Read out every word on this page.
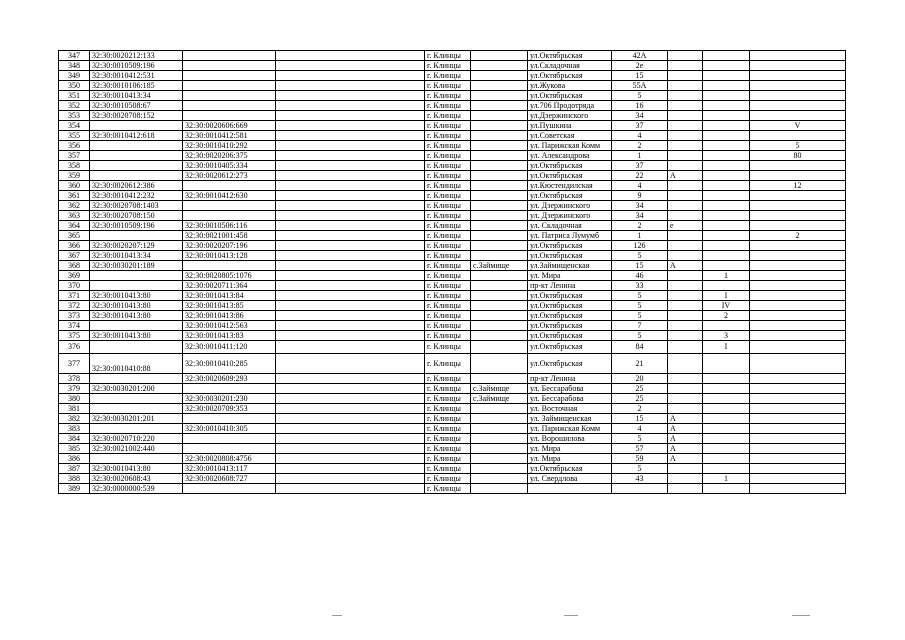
347	32:30:0020212:133			г. Клинцы		ул.Октябрьская	42А			
348	32:30:0010509:196			г. Клинцы		ул.Складочная	2е			
349	32:30:0010412:531			г. Клинцы		ул.Октябрьская	15			
350	32:30:0010106:185			г. Клинцы		ул.Жукова	55А			
351	32:30:0010413:34			г. Клинцы		ул.Октябрьская	5			
352	32:30:0010508:67			г. Клинцы		ул.706 Продотряда	16			
353	32:30:0020708:152			г. Клинцы		ул.Дзержинского	34			
354		32:30:0020606:669		г. Клинцы		ул.Пушкина	37			V
355	32:30:0010412:618	32:30:0010412:581		г. Клинцы		ул.Советская	4			
356		32:30:0010410:292		г. Клинцы		ул. Парижская Комм	2			5
357		32:30:0020206:375		г. Клинцы		ул. Александрова	1			80
358		32:30:0010405:334		г. Клинцы		ул.Октябрьская	37			
359		32:30:0020612:273		г. Клинцы		ул.Октябрьская	22	А		
360	32:30:0020612:386			г. Клинцы		ул.Кюстендилская	4			12
361	32:30:0010412:232	32:30:0010412:630		г. Клинцы		ул.Октябрьская	9			
362	32:30:0020708:1403			г. Клинцы		ул. Дзержинского	34			
363	32:30:0020708:150			г. Клинцы		ул. Дзержинского	34			
364	32:30:0010509:196	32:30:0010506:116		г. Клинцы		ул. Складочная	2	е		
365		32:30:0021001:458		г. Клинцы		ул. Патриса Лумумб	1			2
366	32:30:0020207:129	32:30:0020207:196		г. Клинцы		ул.Октябрьская	126			
367	32:30:0010413:34	32:30:0010413:128		г. Клинцы		ул.Октябрьская	5			
368	32:30:0030201:189			г. Клинцы	с.Займище	ул.Займищенская	15	А		
369		32:30:0020805:1076		г. Клинцы		ул. Мира	46		1	
370		32:30:0020711:364		г. Клинцы		пр-кт Ленина	33			
371	32:30:0010413:80	32:30:0010413:84		г. Клинцы		ул.Октябрьская	5		I	
372	32:30:0010413:80	32:30:0010413:85		г. Клинцы		ул.Октябрьская	5		IV	
373	32:30:0010413:80	32:30:0010413:86		г. Клинцы		ул.Октябрьская	5		2	
374		32:30:0010412:563		г. Клинцы		ул.Октябрьская	7			
375	32:30:0010413:80	32:30:0010413:83		г. Клинцы		ул.Октябрьская	5		3	
376		32:30:0010411:120		г. Клинцы		ул.Октябрьская	84		I	
377	32:30:0010410:88	32:30:0010410:285		г. Клинцы		ул.Октябрьская	21			
378		32:30:0020609:293		г. Клинцы		пр-кт Ленина	20			
379	32:30:0030201:200			г. Клинцы	с.Займище	ул. Бессарабова	25			
380		32:30:0030201:230		г. Клинцы	с.Займище	ул. Бессарабова	25			
381		32:30:0020709:353		г. Клинцы		ул. Восточная	2			
382	32:30:0030201:201			г. Клинцы		ул. Займищенская	15	А		
383		32:30:0010410:305		г. Клинцы		ул. Парижская Комм	4	А		
384	32:30:0020710:220			г. Клинцы		ул. Ворошилова	5	А		
385	32:30:0021002:440			г. Клинцы		ул. Мира	57	А		
386		32:30:0020808:4756		г. Клинцы		ул. Мира	59	А		
387	32:30:0010413:80	32:30:0010413:117		г. Клинцы		ул.Октябрьская	5			
388	32:30:0020608:43	32:30:0020608:727		г. Клинцы		ул. Свердлова	43		1	
389	32:30:0000000:539			г. Клинцы						
